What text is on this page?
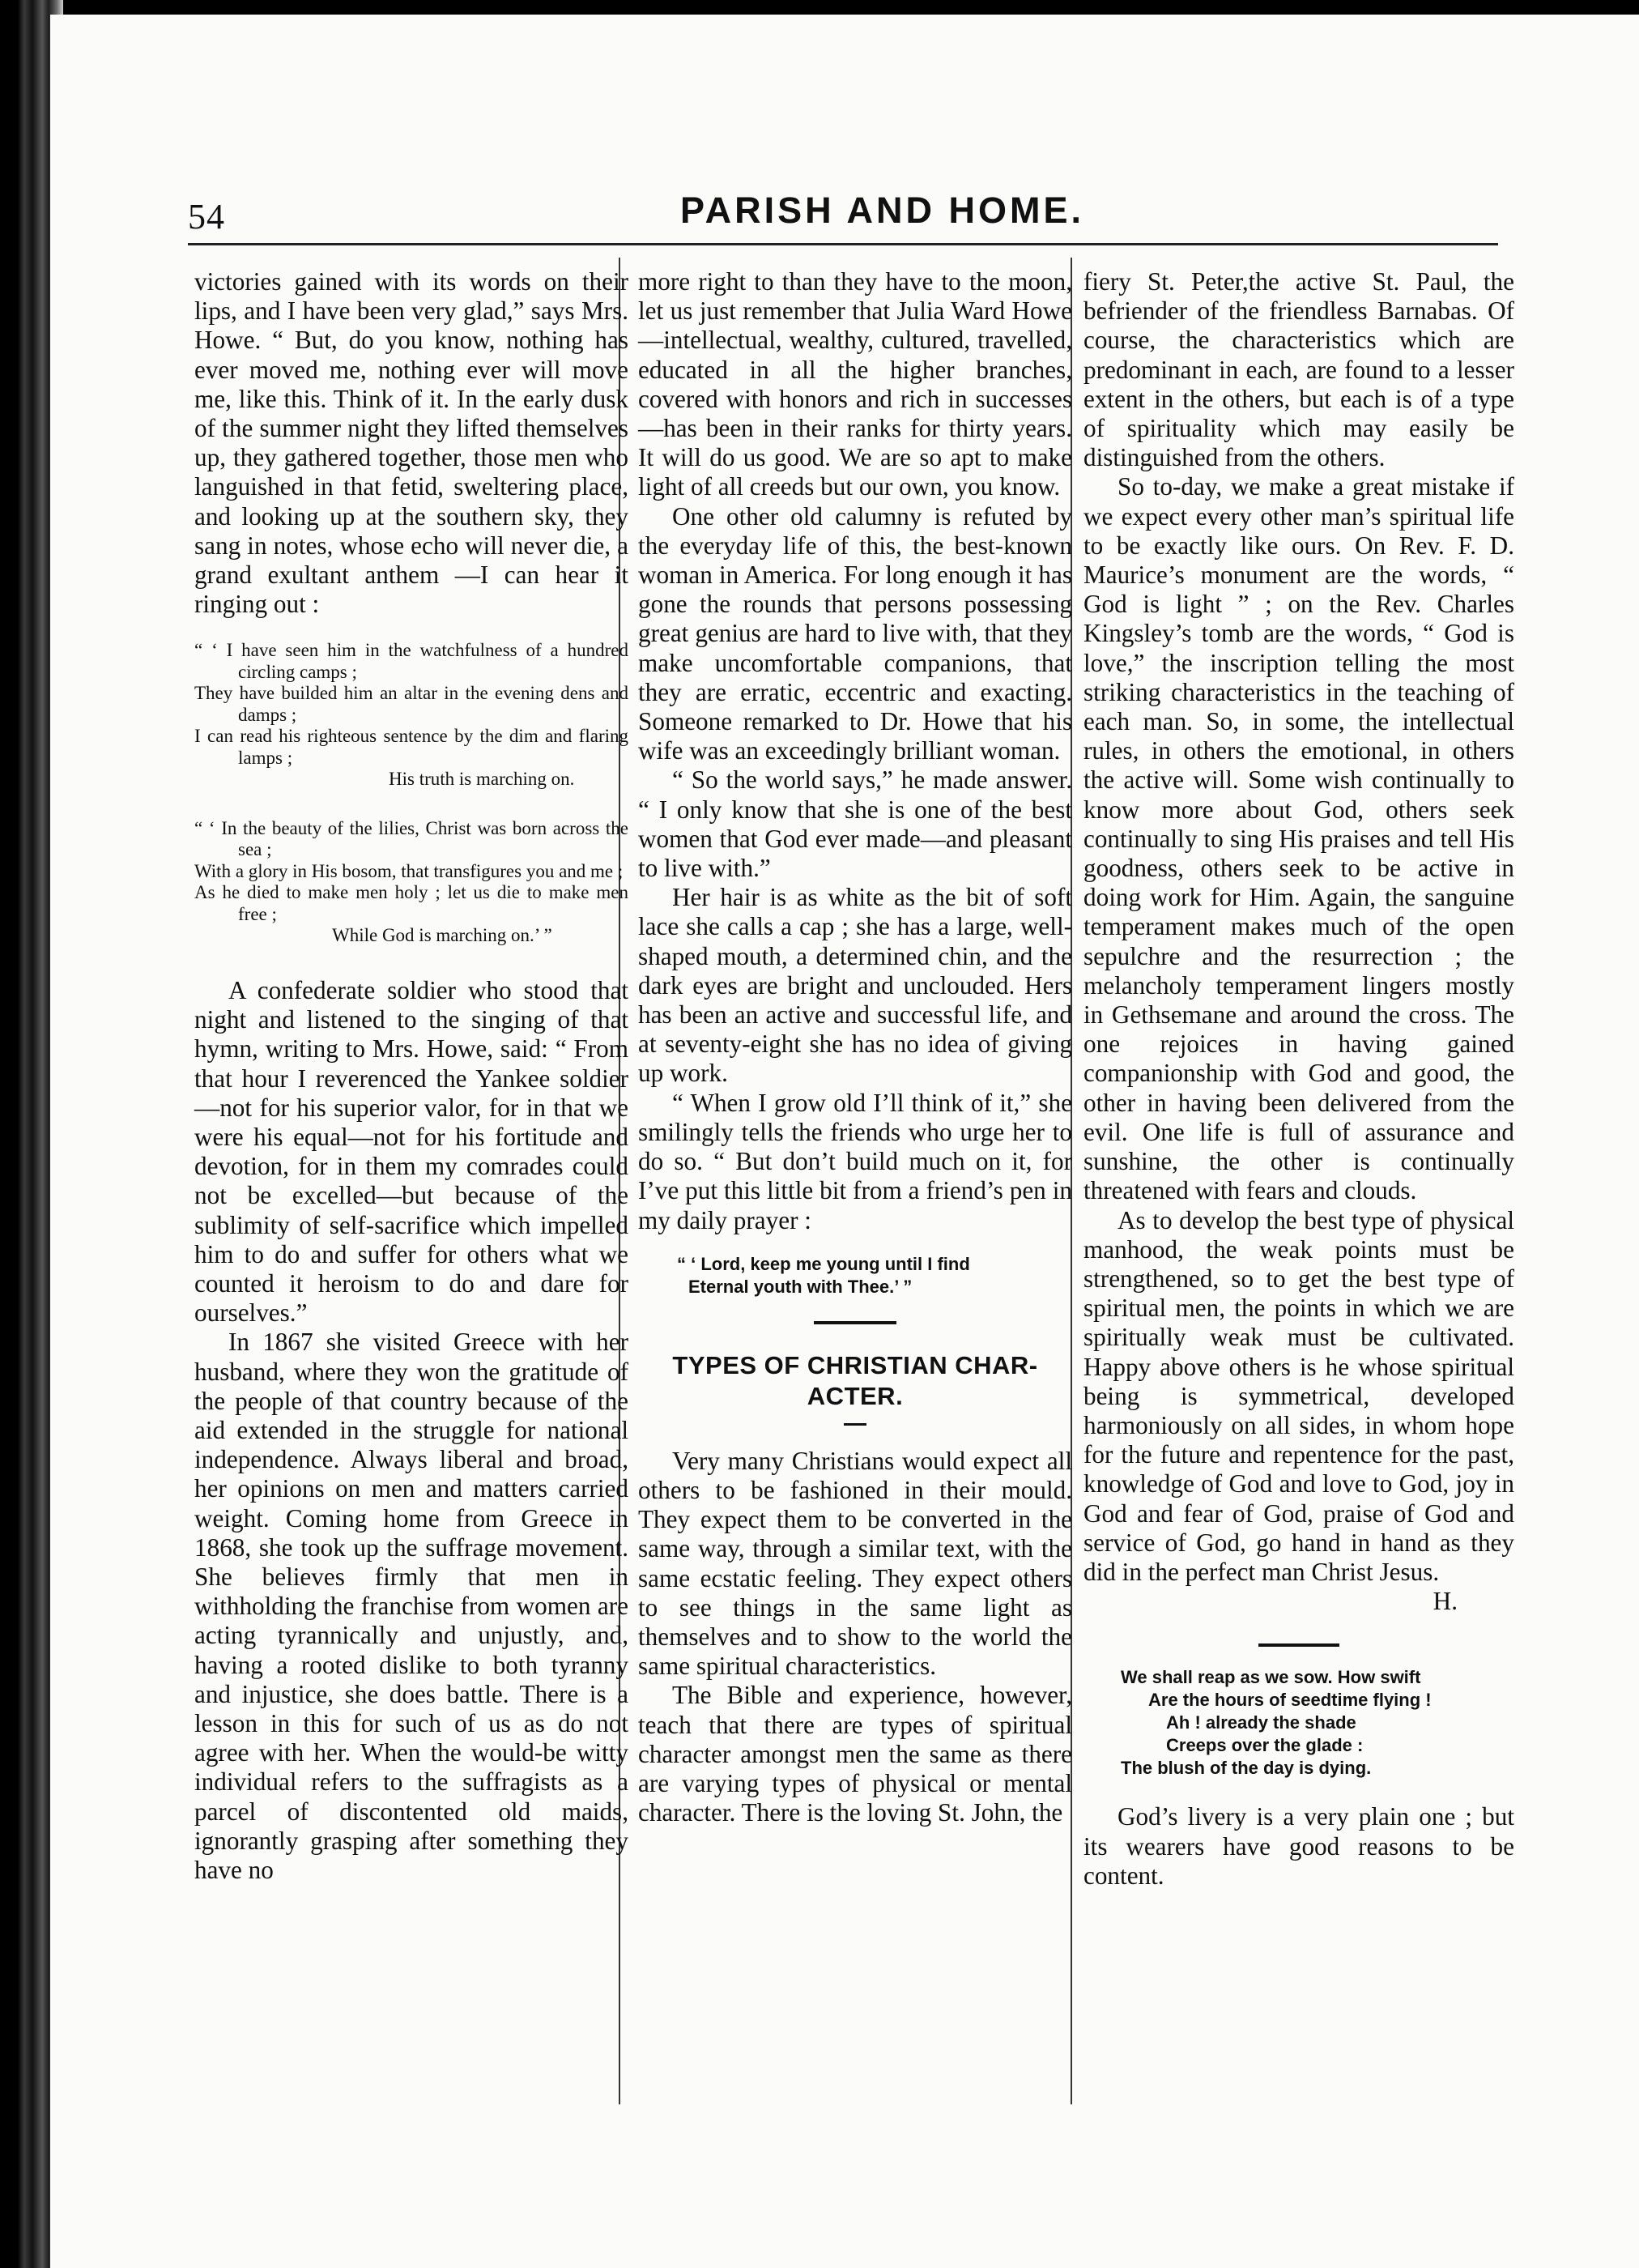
54	PARISH AND HOME.

victories gained with its words on their lips, and I have been very glad,” says Mrs. Howe. “ But, do you know, nothing has ever moved me, nothing ever will move me, like this. Think of it. In the early dusk of the summer night they lifted themselves up, they gathered together, those men who languished in that fetid, sweltering place, and looking up at the southern sky, they sang in notes, whose echo will never die, a grand exultant anthem —I can hear it ringing out :

“ ‘ I have seen him in the watchfulness of a hundred circling camps ;
They have builded him an altar in the evening dens and damps ;
I can read his righteous sentence by the dim and flaring lamps ;
His truth is marching on.
“ ‘ In the beauty of the lilies, Christ was born across the sea ;
With a glory in His bosom, that transfigures you and me ;
As he died to make men holy ; let us die to make men free ;
While God is marching on.’ ”

A confederate soldier who stood that night and listened to the singing of that hymn, writing to Mrs. Howe, said: “ From that hour I reverenced the Yankee soldier—not for his superior valor, for in that we were his equal—not for his fortitude and devotion, for in them my comrades could not be excelled—but because of the sublimity of self-sacrifice which impelled him to do and suffer for others what we counted it heroism to do and dare for ourselves.”

In 1867 she visited Greece with her husband, where they won the gratitude of the people of that country because of the aid extended in the struggle for national independence. Always liberal and broad, her opinions on men and matters carried weight. Coming home from Greece in 1868, she took up the suffrage movement. She believes firmly that men in withholding the franchise from women are acting tyrannically and unjustly, and, having a rooted dislike to both tyranny and injustice, she does battle. There is a lesson in this for such of us as do not agree with her. When the would-be witty individual refers to the suffragists as a parcel of discontented old maids, ignorantly grasping after something they have no

more right to than they have to the moon, let us just remember that Julia Ward Howe—intellectual, wealthy, cultured, travelled, educated in all the higher branches, covered with honors and rich in successes—has been in their ranks for thirty years. It will do us good. We are so apt to make light of all creeds but our own, you know.

One other old calumny is refuted by the everyday life of this, the best-known woman in America. For long enough it has gone the rounds that persons possessing great genius are hard to live with, that they make uncomfortable companions, that they are erratic, eccentric and exacting. Someone remarked to Dr. Howe that his wife was an exceedingly brilliant woman.

“ So the world says,” he made answer. “ I only know that she is one of the best women that God ever made—and pleasant to live with.”

Her hair is as white as the bit of soft lace she calls a cap ; she has a large, well-shaped mouth, a determined chin, and the dark eyes are bright and unclouded. Hers has been an active and successful life, and at seventy-eight she has no idea of giving up work.

“ When I grow old I’ll think of it,” she smilingly tells the friends who urge her to do so. “ But don’t build much on it, for I’ve put this little bit from a friend’s pen in my daily prayer :

“ ‘ Lord, keep me young until I find
Eternal youth with Thee.’ ”
TYPES OF CHRISTIAN CHAR-
ACTER.

Very many Christians would expect all others to be fashioned in their mould. They expect them to be converted in the same way, through a similar text, with the same ecstatic feeling. They expect others to see things in the same light as themselves and to show to the world the same spiritual characteristics.

The Bible and experience, however, teach that there are types of spiritual character amongst men the same as there are varying types of physical or mental character. There is the loving St. John, the

fiery St. Peter,the active St. Paul, the befriender of the friendless Barnabas. Of course, the characteristics which are predominant in each, are found to a lesser extent in the others, but each is of a type of spirituality which may easily be distinguished from the others.

So to-day, we make a great mistake if we expect every other man’s spiritual life to be exactly like ours. On Rev. F. D. Maurice’s monument are the words, “ God is light ” ; on the Rev. Charles Kingsley’s tomb are the words, “ God is love,” the inscription telling the most striking characteristics in the teaching of each man. So, in some, the intellectual rules, in others the emotional, in others the active will. Some wish continually to know more about God, others seek continually to sing His praises and tell His goodness, others seek to be active in doing work for Him. Again, the sanguine temperament makes much of the open sepulchre and the resurrection ; the melancholy temperament lingers mostly in Gethsemane and around the cross. The one rejoices in having gained companionship with God and good, the other in having been delivered from the evil. One life is full of assurance and sunshine, the other is continually threatened with fears and clouds.

As to develop the best type of physical manhood, the weak points must be strengthened, so to get the best type of spiritual men, the points in which we are spiritually weak must be cultivated. Happy above others is he whose spiritual being is symmetrical, developed harmoniously on all sides, in whom hope for the future and repentence for the past, knowledge of God and love to God, joy in God and fear of God, praise of God and service of God, go hand in hand as they did in the perfect man Christ Jesus.

H.

We shall reap as we sow. How swift
Are the hours of seedtime flying !
Ah ! already the shade
Creeps over the glade :
The blush of the day is dying.

God’s livery is a very plain one ; but its wearers have good reasons to be content.
